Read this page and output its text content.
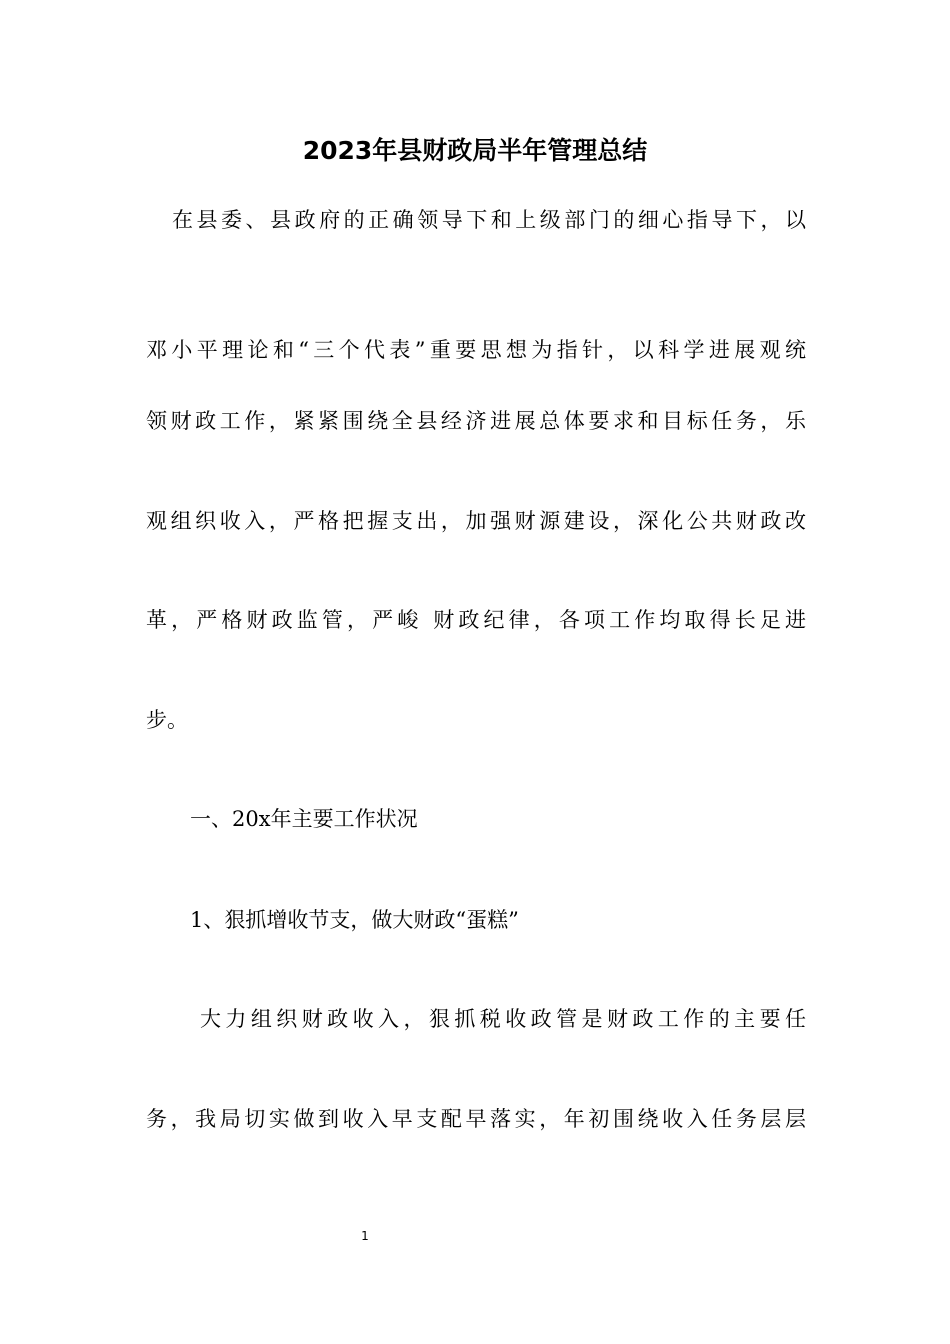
2023年县财政局半年管理总结

在县委、县政府的正确领导下和上级部门的细心指导下，以

邓小平理论和“三个代表”重要思想为指针，以科学进展观统

领财政工作，紧紧围绕全县经济进展总体要求和目标任务，乐

观组织收入，严格把握支出，加强财源建设，深化公共财政改

革，严格财政监管，严峻 财政纪律，各项工作均取得长足进

步。

一、20x年主要工作状况

1、狠抓增收节支，做大财政“蛋糕”

大力组织财政收入，狠抓税收政管是财政工作的主要任

务，我局切实做到收入早支配早落实，年初围绕收入任务层层

1
